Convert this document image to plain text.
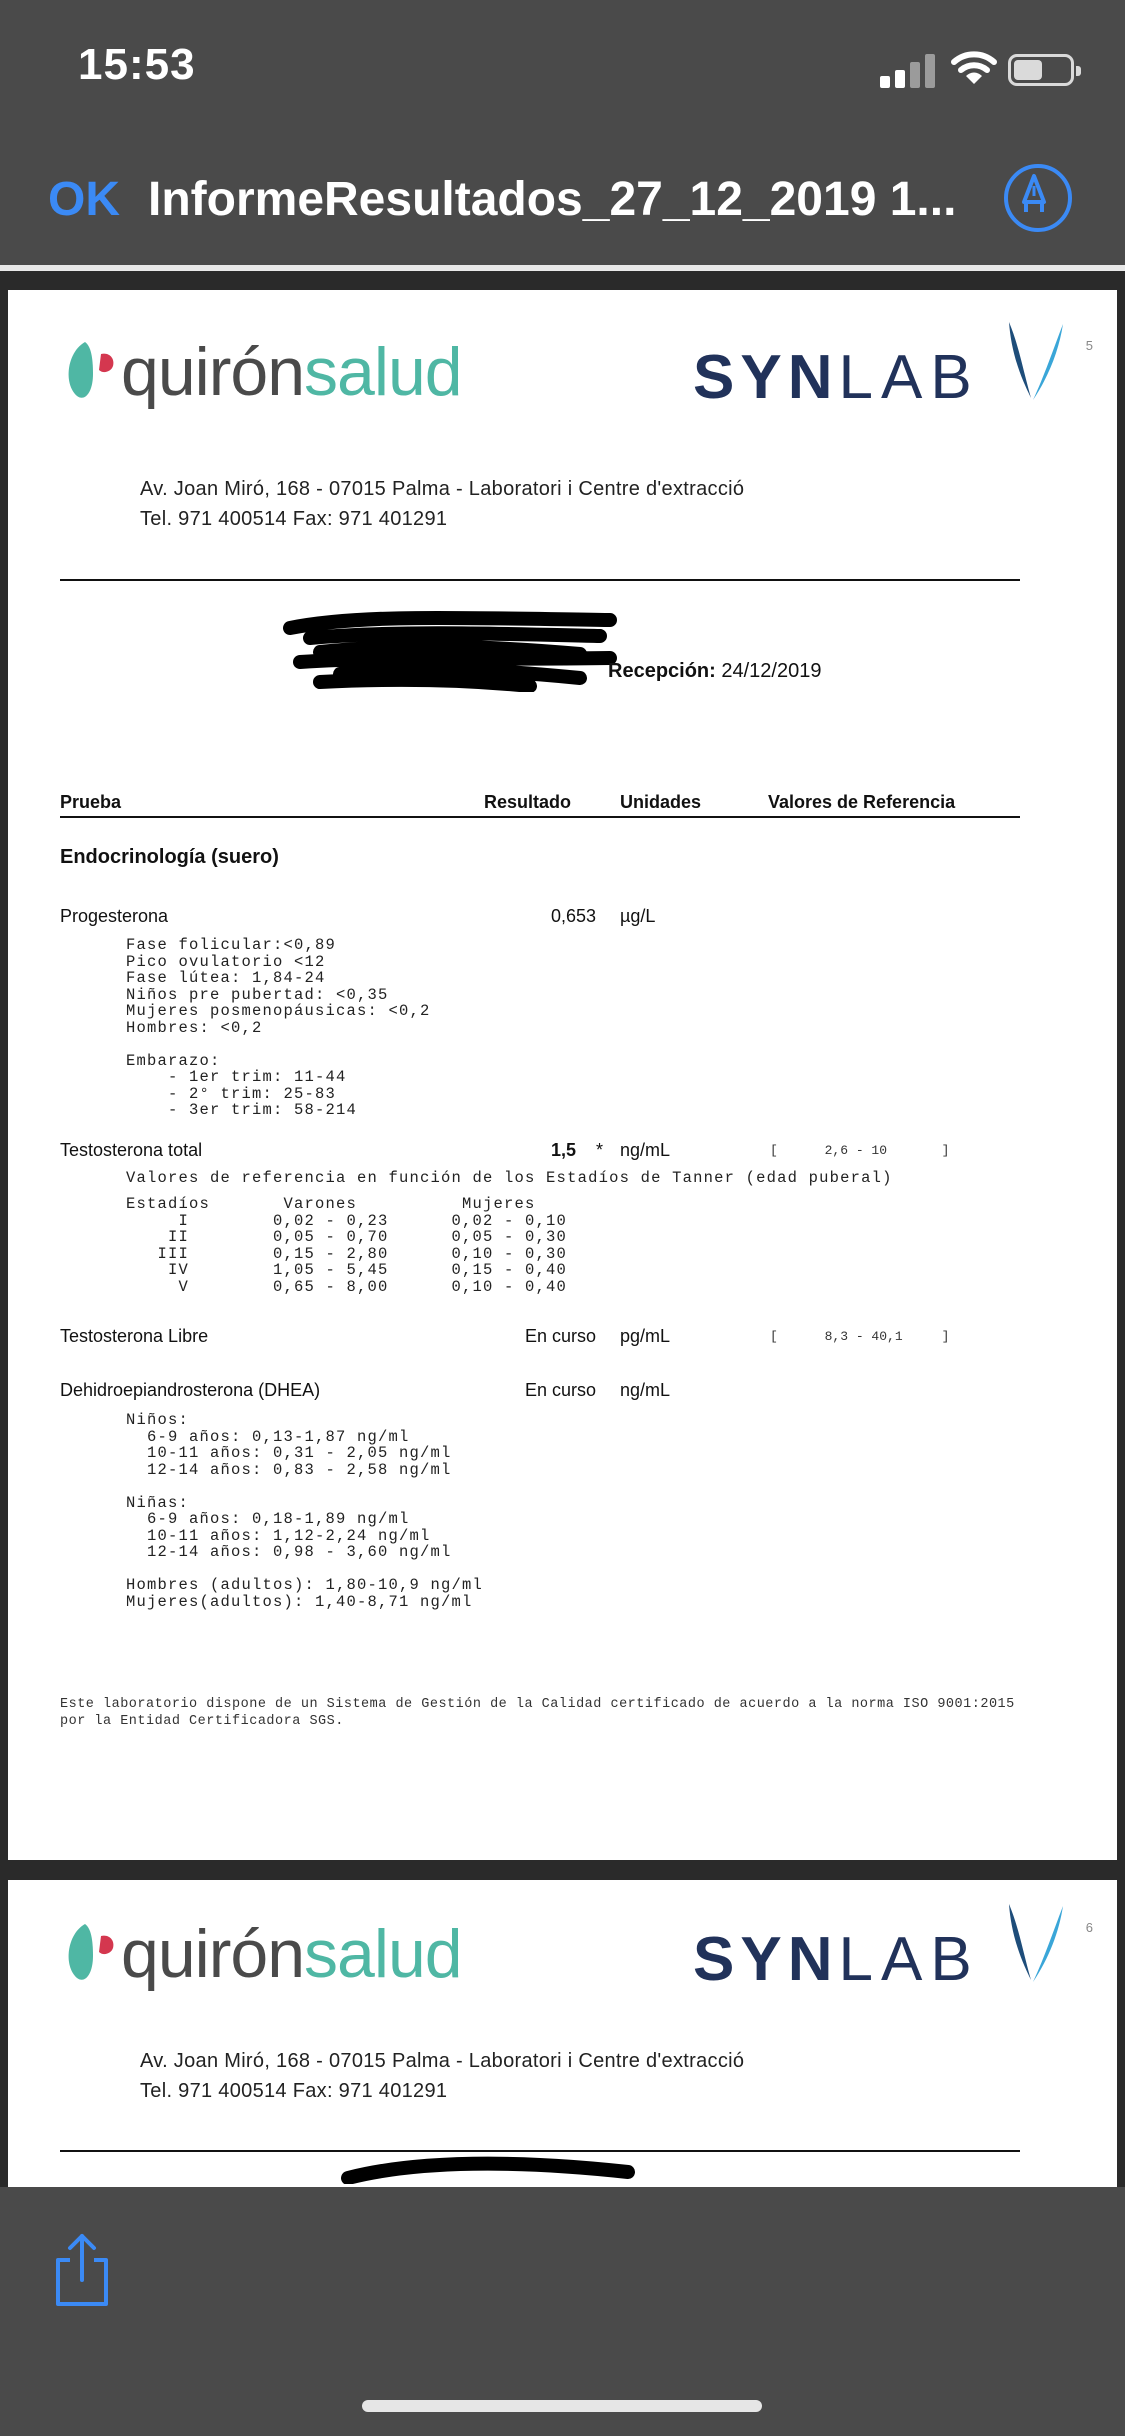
15:53
OK InformeResultados_27_12_2019 1...
quirónsalud	SYNLAB	5
Av. Joan Miró, 168 - 07015 Palma - Laboratori i Centre d'extracció
Tel. 971 400514 Fax: 971 401291
Recepción: 24/12/2019
Prueba	Resultado	Unidades	Valores de Referencia
Endocrinología (suero)
Progesterona	0,653 µg/L
Fase folicular:<0,89
Pico ovulatorio <12
Fase lútea: 1,84-24
Niños pre pubertad: <0,35
Mujeres posmenopáusicas: <0,2
Hombres: <0,2

Embarazo:
- 1er trim: 11-44
- 2° trim: 25-83
- 3er trim: 58-214
Testosterona total	1,5 * ng/mL	[      2,6 - 10       ]
Valores de referencia en función de los Estadíos de Tanner (edad puberal)
Estadíos       Varones          Mujeres
I        0,02 - 0,23      0,02 - 0,10
II        0,05 - 0,70      0,05 - 0,30
III        0,15 - 2,80      0,10 - 0,30
IV        1,05 - 5,45      0,15 - 0,40
V        0,65 - 8,00      0,10 - 0,40
Testosterona Libre	En curso pg/mL	[      8,3 - 40,1     ]
Dehidroepiandrosterona (DHEA)	En curso ng/mL
Niños:
6-9 años: 0,13-1,87 ng/ml
10-11 años: 0,31 - 2,05 ng/ml
12-14 años: 0,83 - 2,58 ng/ml

Niñas:
6-9 años: 0,18-1,89 ng/ml
10-11 años: 1,12-2,24 ng/ml
12-14 años: 0,98 - 3,60 ng/ml

Hombres (adultos): 1,80-10,9 ng/ml
Mujeres(adultos): 1,40-8,71 ng/ml
Este laboratorio dispone de un Sistema de Gestión de la Calidad certificado de acuerdo a la norma ISO 9001:2015
por la Entidad Certificadora SGS.
quirónsalud	SYNLAB	6
Av. Joan Miró, 168 - 07015 Palma - Laboratori i Centre d'extracció
Tel. 971 400514 Fax: 971 401291
